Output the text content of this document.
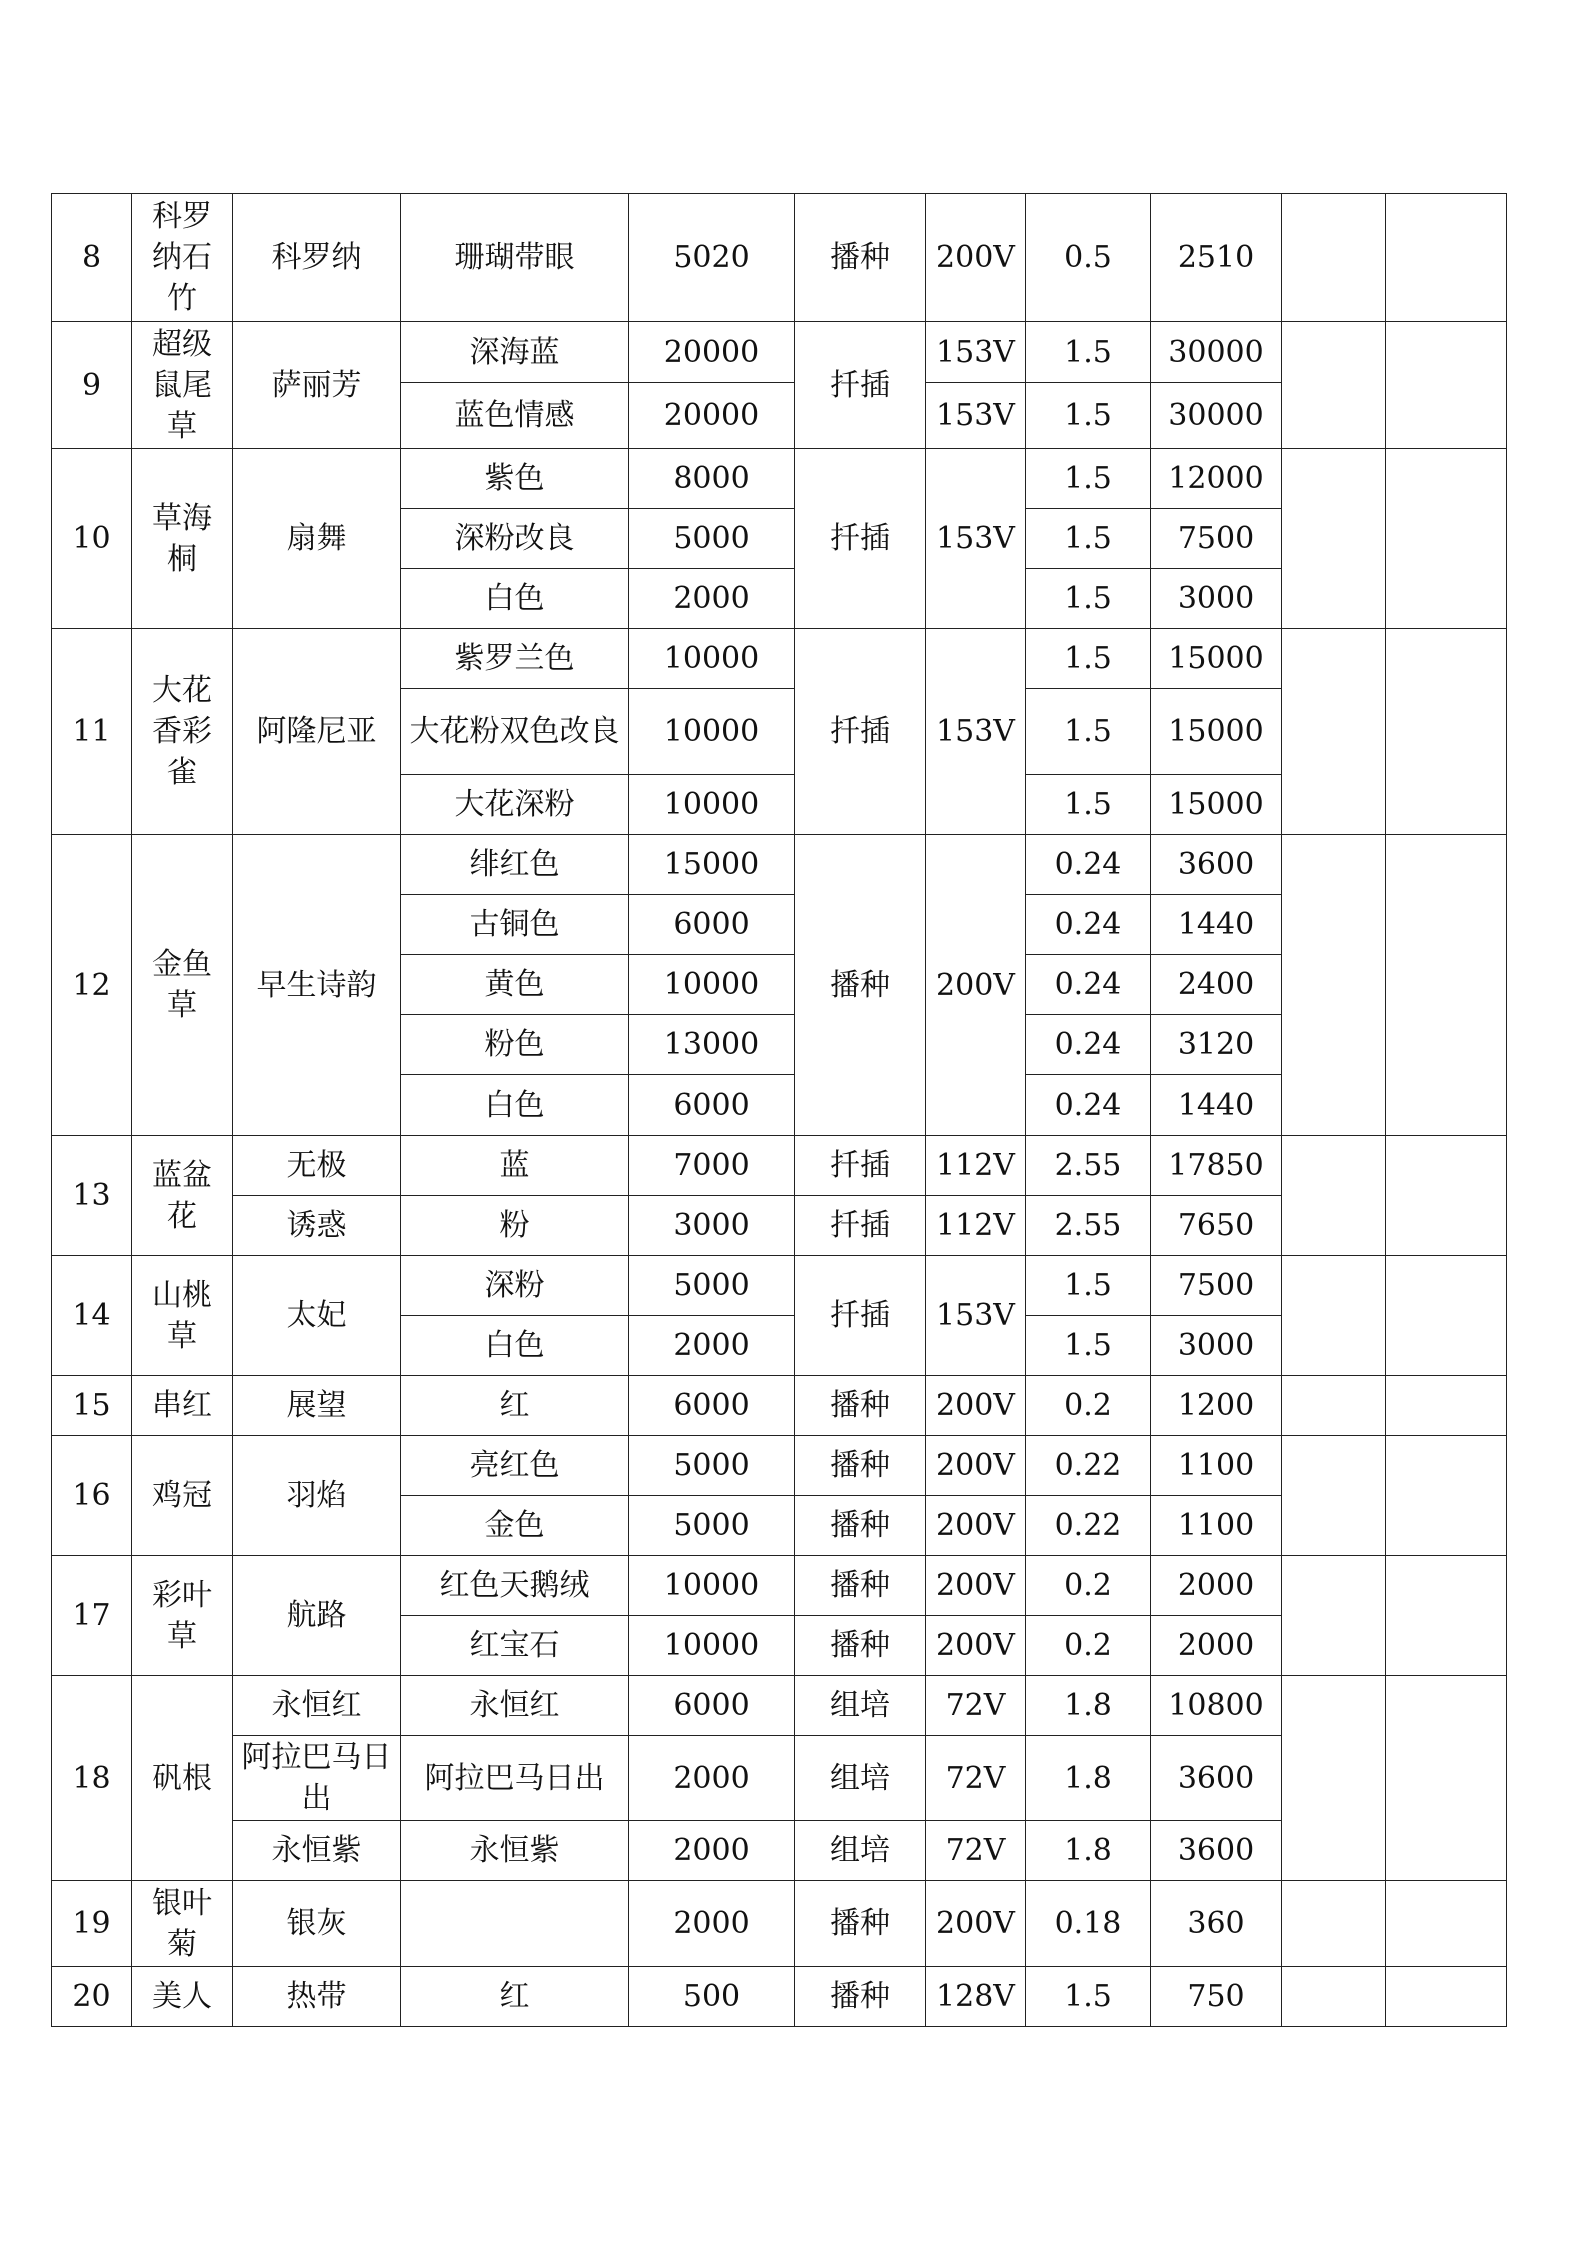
8	科罗纳石竹	科罗纳	珊瑚带眼	5020	播种	200V	0.5	2510		
9	超级鼠尾草	萨丽芳	深海蓝	20000	扦插	153V	1.5	30000		
			蓝色情感	20000		153V	1.5	30000		
10	草海桐	扇舞	紫色	8000	扦插	153V	1.5	12000		
			深粉改良	5000			1.5	7500		
			白色	2000			1.5	3000		
11	大花香彩雀	阿隆尼亚	紫罗兰色	10000	扦插	153V	1.5	15000		
			大花粉双色改良	10000			1.5	15000		
			大花深粉	10000			1.5	15000		
12	金鱼草	早生诗韵	绯红色	15000	播种	200V	0.24	3600		
			古铜色	6000			0.24	1440		
			黄色	10000			0.24	2400		
			粉色	13000			0.24	3120		
			白色	6000			0.24	1440		
13	蓝盆花	无极	蓝	7000	扦插	112V	2.55	17850		
		诱惑	粉	3000	扦插	112V	2.55	7650		
14	山桃草	太妃	深粉	5000	扦插	153V	1.5	7500		
			白色	2000			1.5	3000		
15	串红	展望	红	6000	播种	200V	0.2	1200		
16	鸡冠	羽焰	亮红色	5000	播种	200V	0.22	1100		
			金色	5000	播种	200V	0.22	1100		
17	彩叶草	航路	红色天鹅绒	10000	播种	200V	0.2	2000		
			红宝石	10000	播种	200V	0.2	2000		
18	矾根	永恒红	永恒红	6000	组培	72V	1.8	10800		
		阿拉巴马日出	阿拉巴马日出	2000	组培	72V	1.8	3600		
		永恒紫	永恒紫	2000	组培	72V	1.8	3600		
19	银叶菊	银灰		2000	播种	200V	0.18	360		
20	美人	热带	红	500	播种	128V	1.5	750		
